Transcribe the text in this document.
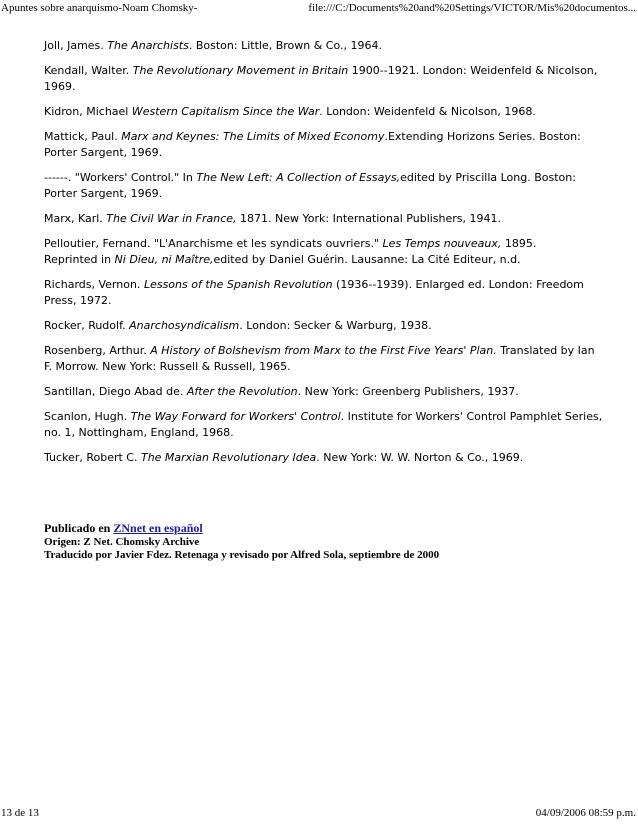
Apuntes sobre anarquismo-Noam Chomsky-	file:///C:/Documents%20and%20Settings/VICTOR/Mis%20documentos...

Joll, James. The Anarchists. Boston: Little, Brown & Co., 1964.

Kendall, Walter. The Revolutionary Movement in Britain 1900--1921. London: Weidenfeld & Nicolson, 1969.

Kidron, Michael Western Capitalism Since the War. London: Weidenfeld & Nicolson, 1968.

Mattick, Paul. Marx and Keynes: The Limits of Mixed Economy.Extending Horizons Series. Boston: Porter Sargent, 1969.

------. "Workers' Control." In The New Left: A Collection of Essays,edited by Priscilla Long. Boston: Porter Sargent, 1969.

Marx, Karl. The Civil War in France, 1871. New York: International Publishers, 1941.

Pelloutier, Fernand. "L'Anarchisme et les syndicats ouvriers." Les Temps nouveaux, 1895.
Reprinted in Ni Dieu, ni Maître,edited by Daniel Guérin. Lausanne: La Cité Editeur, n.d.

Richards, Vernon. Lessons of the Spanish Revolution (1936--1939). Enlarged ed. London: Freedom Press, 1972.

Rocker, Rudolf. Anarchosyndicalism. London: Secker & Warburg, 1938.

Rosenberg, Arthur. A History of Bolshevism from Marx to the First Five Years' Plan. Translated by Ian F. Morrow. New York: Russell & Russell, 1965.

Santillan, Diego Abad de. After the Revolution. New York: Greenberg Publishers, 1937.

Scanlon, Hugh. The Way Forward for Workers' Control. Institute for Workers' Control Pamphlet Series, no. 1, Nottingham, England, 1968.

Tucker, Robert C. The Marxian Revolutionary Idea. New York: W. W. Norton & Co., 1969.

Publicado en ZNnet en español
Origen: Z Net. Chomsky Archive
Traducido por Javier Fdez. Retenaga y revisado por Alfred Sola, septiembre de 2000
13 de 13	04/09/2006 08:59 p.m.
